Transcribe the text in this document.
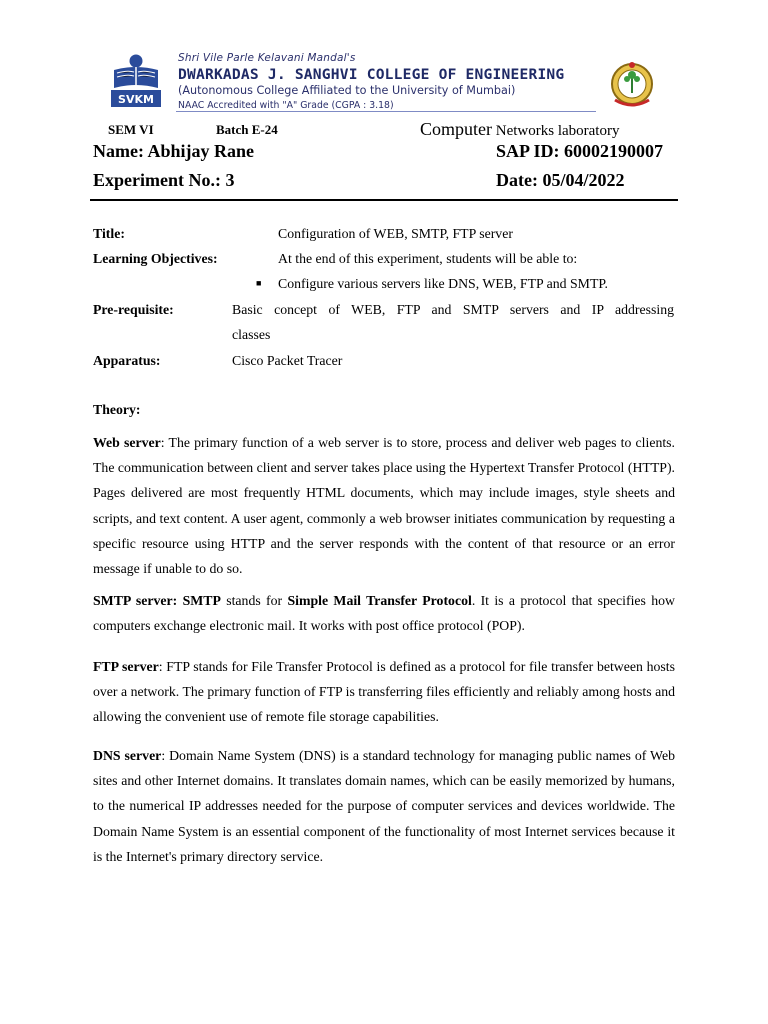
SVKM
Shri Vile Parle Kelavani Mandal's
DWARKADAS J. SANGHVI COLLEGE OF ENGINEERING
(Autonomous College Affiliated to the University of Mumbai)
NAAC Accredited with "A" Grade (CGPA : 3.18)
SEM VI	Batch E-24	Computer Networks laboratory
Name: Abhijay Rane	SAP ID: 60002190007
Experiment No.: 3	Date: 05/04/2022
Title:	Configuration of WEB, SMTP, FTP server
Learning Objectives:	At the end of this experiment, students will be able to:
■ Configure various servers like DNS, WEB, FTP and SMTP.
Pre-requisite:	Basic concept of WEB, FTP and SMTP servers and IP addressing
classes
Apparatus:	Cisco Packet Tracer
Theory:
Web server: The primary function of a web server is to store, process and deliver web pages to clients. The communication between client and server takes place using the Hypertext Transfer Protocol (HTTP). Pages delivered are most frequently HTML documents, which may include images, style sheets and scripts, and text content. A user agent, commonly a web browser initiates communication by requesting a specific resource using HTTP and the server responds with the content of that resource or an error message if unable to do so.
SMTP server: SMTP stands for Simple Mail Transfer Protocol. It is a protocol that specifies how computers exchange electronic mail. It works with post office protocol (POP).
FTP server: FTP stands for File Transfer Protocol is defined as a protocol for file transfer between hosts over a network. The primary function of FTP is transferring files efficiently and reliably among hosts and allowing the convenient use of remote file storage capabilities.
DNS server: Domain Name System (DNS) is a standard technology for managing public names of Web sites and other Internet domains. It translates domain names, which can be easily memorized by humans, to the numerical IP addresses needed for the purpose of computer services and devices worldwide. The Domain Name System is an essential component of the functionality of most Internet services because it is the Internet's primary directory service.
